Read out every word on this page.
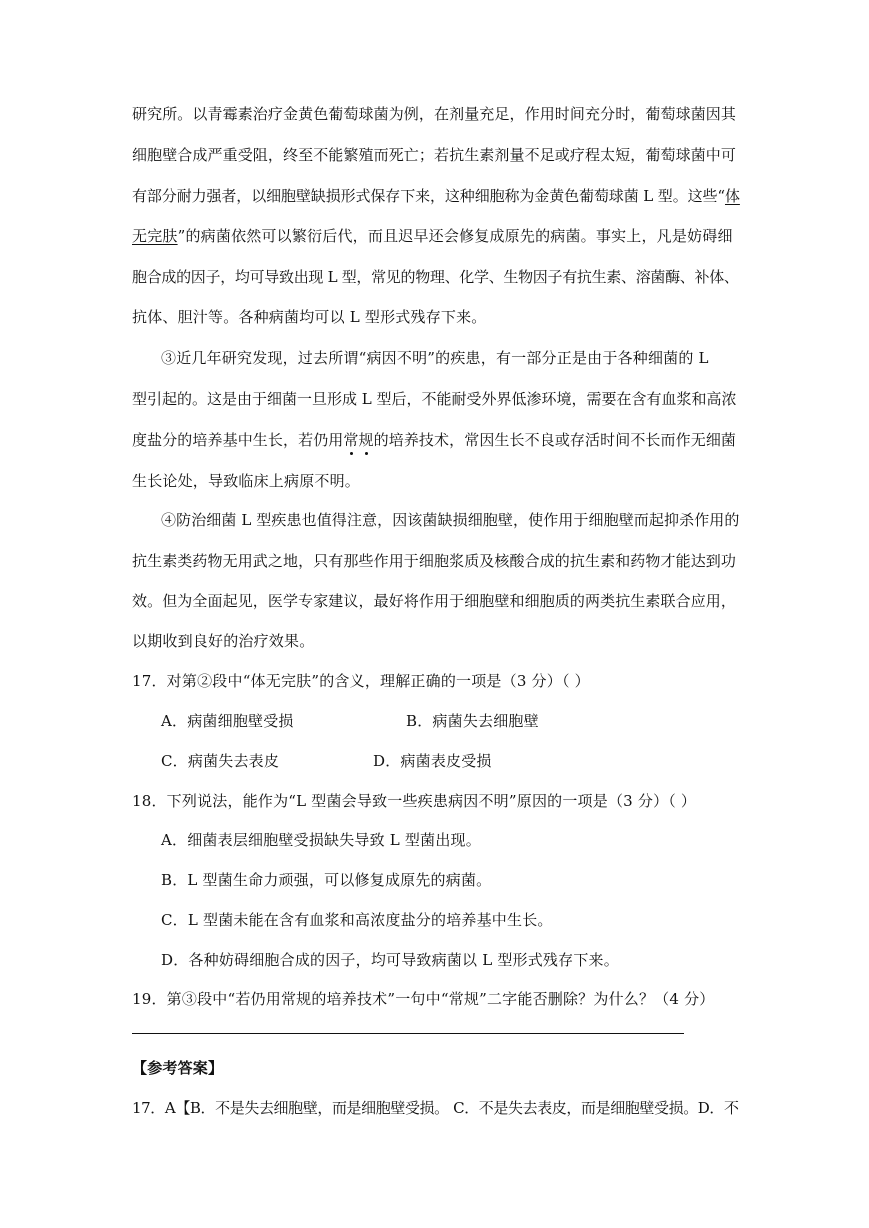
研究所。以青霉素治疗金黄色葡萄球菌为例，在剂量充足，作用时间充分时，葡萄球菌因其
细胞壁合成严重受阻，终至不能繁殖而死亡；若抗生素剂量不足或疗程太短，葡萄球菌中可
有部分耐力强者，以细胞壁缺损形式保存下来，这种细胞称为金黄色葡萄球菌 L 型。这些“体
无完肤”的病菌依然可以繁衍后代，而且迟早还会修复成原先的病菌。事实上，凡是妨碍细
胞合成的因子，均可导致出现 L 型，常见的物理、化学、生物因子有抗生素、溶菌酶、补体、
抗体、胆汁等。各种病菌均可以 L 型形式残存下来。
③近几年研究发现，过去所谓“病因不明”的疾患，有一部分正是由于各种细菌的 L
型引起的。这是由于细菌一旦形成 L 型后，不能耐受外界低渗环境，需要在含有血浆和高浓
度盐分的培养基中生长，若仍用常规的培养技术，常因生长不良或存活时间不长而作无细菌
生长论处，导致临床上病原不明。
④防治细菌 L 型疾患也值得注意，因该菌缺损细胞壁，使作用于细胞壁而起抑杀作用的
抗生素类药物无用武之地，只有那些作用于细胞浆质及核酸合成的抗生素和药物才能达到功
效。但为全面起见，医学专家建议，最好将作用于细胞壁和细胞质的两类抗生素联合应用，
以期收到良好的治疗效果。
17．对第②段中“体无完肤”的含义，理解正确的一项是（3 分）（ ）
A．病菌细胞壁受损	B．病菌失去细胞壁
C．病菌失去表皮	D．病菌表皮受损
18．下列说法，能作为“L 型菌会导致一些疾患病因不明”原因的一项是（3 分）（ ）
A．细菌表层细胞壁受损缺失导致 L 型菌出现。
B．L 型菌生命力顽强，可以修复成原先的病菌。
C．L 型菌未能在含有血浆和高浓度盐分的培养基中生长。
D．各种妨碍细胞合成的因子，均可导致病菌以 L 型形式残存下来。
19．第③段中“若仍用常规的培养技术”一句中“常规”二字能否删除？为什么？（4 分）
【参考答案】
17．A【B．不是失去细胞壁，而是细胞壁受损。 C．不是失去表皮，而是细胞壁受损。D．不
